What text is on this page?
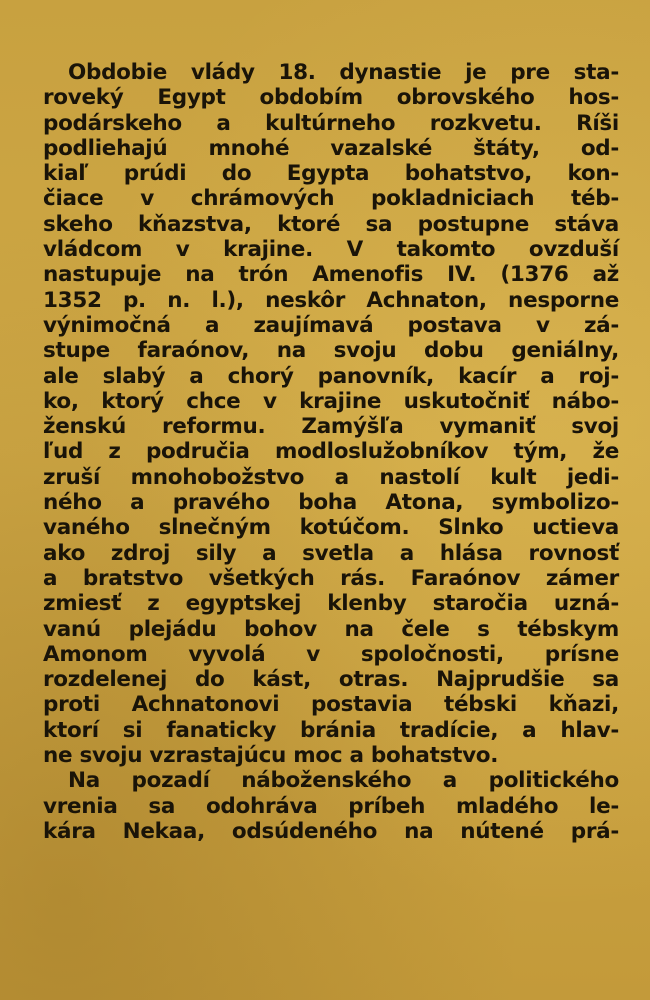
Obdobie vlády 18. dynastie je pre sta-
roveký Egypt obdobím obrovského hos-
podárskeho a kultúrneho rozkvetu. Ríši
podliehajú mnohé vazalské štáty, od-
kiaľ prúdi do Egypta bohatstvo, kon-
čiace v chrámových pokladniciach téb-
skeho kňazstva, ktoré sa postupne stáva
vládcom v krajine. V takomto ovzduší
nastupuje na trón Amenofis IV. (1376 až
1352 p. n. l.), neskôr Achnaton, nesporne
výnimočná a zaujímavá postava v zá-
stupe faraónov, na svoju dobu geniálny,
ale slabý a chorý panovník, kacír a roj-
ko, ktorý chce v krajine uskutočniť nábo-
ženskú reformu. Zamýšľa vymaniť svoj
ľud z područia modloslužobníkov tým, že
zruší mnohobožstvo a nastolí kult jedi-
ného a pravého boha Atona, symbolizo-
vaného slnečným kotúčom. Slnko uctieva
ako zdroj sily a svetla a hlása rovnosť
a bratstvo všetkých rás. Faraónov zámer
zmiesť z egyptskej klenby staročia uzná-
vanú plejádu bohov na čele s tébskym
Amonom vyvolá v spoločnosti, prísne
rozdelenej do kást, otras. Najprudšie sa
proti Achnatonovi postavia tébski kňazi,
ktorí si fanaticky bránia tradície, a hlav-
ne svoju vzrastajúcu moc a bohatstvo.
Na pozadí náboženského a politického
vrenia sa odohráva príbeh mladého le-
kára Nekaa, odsúdeného na nútené prá-
